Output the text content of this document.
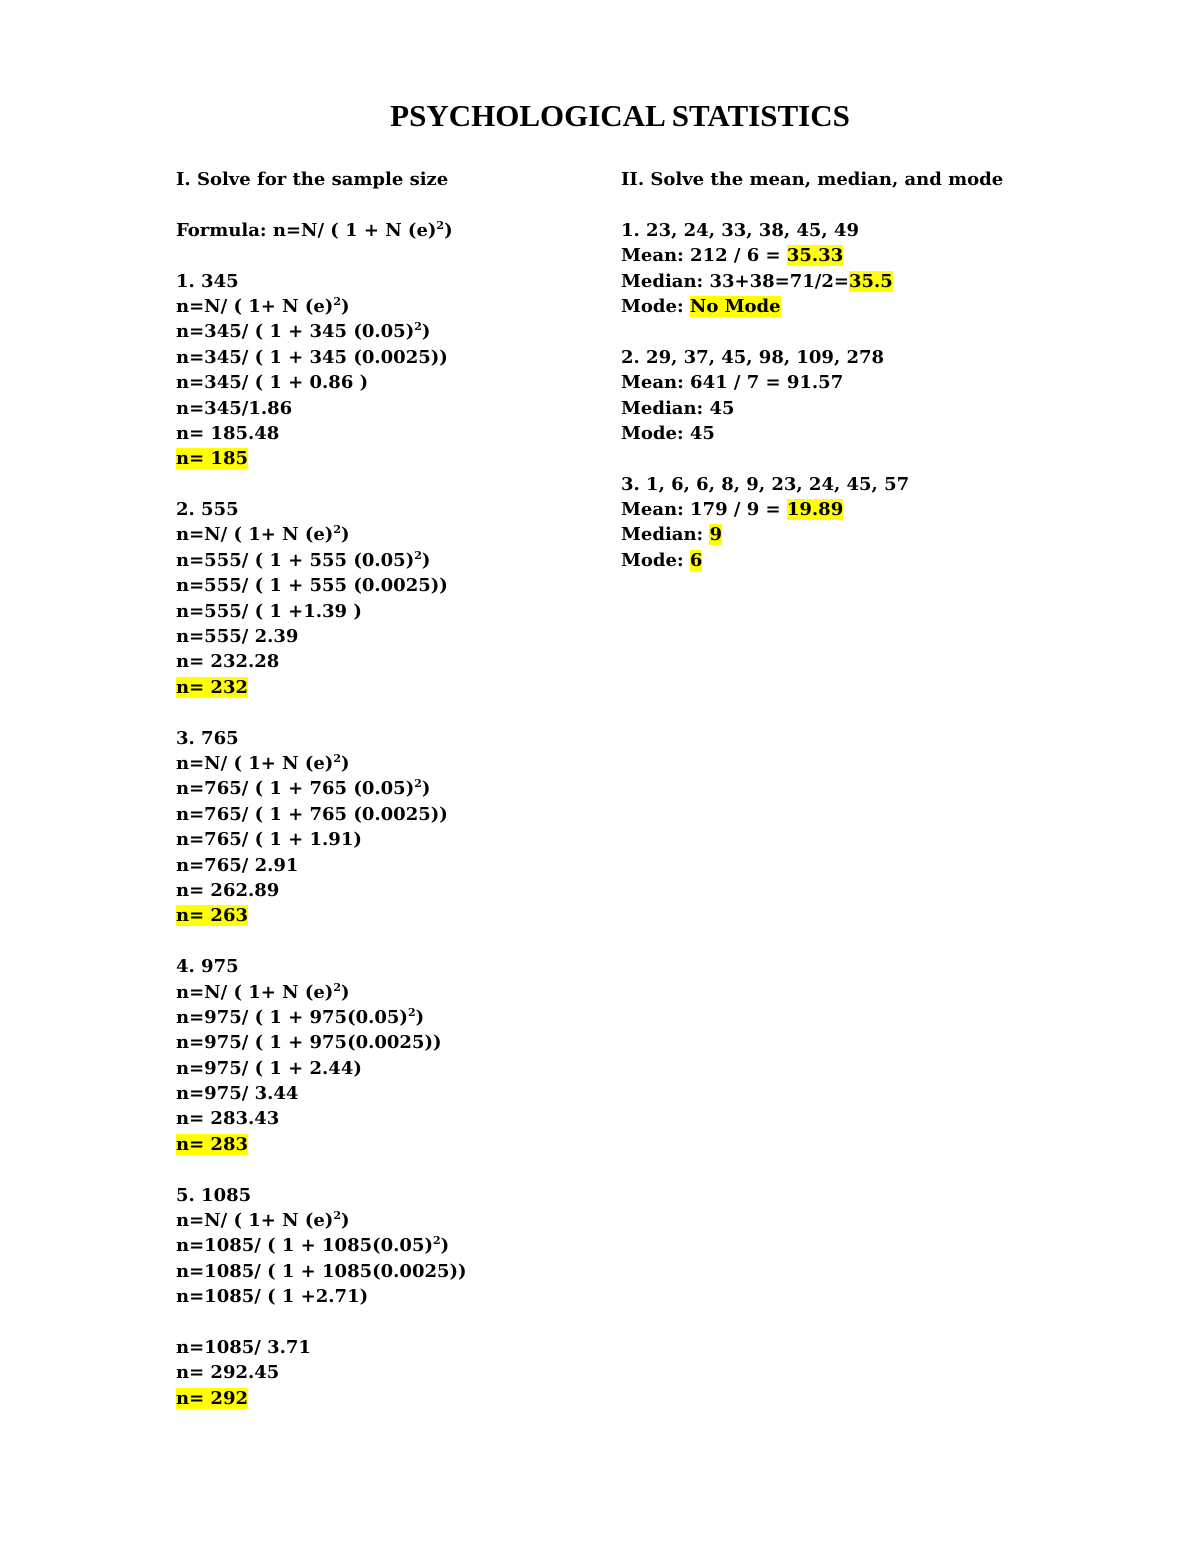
PSYCHOLOGICAL STATISTICS
I. Solve for the sample size
Formula: n=N/ ( 1 + N $(e)^2$)
1. 345
n=N/ ( 1+ N $(e)^2$)
n=345/ ( 1 + 345 $(0.05)^2$)
n=345/ ( 1 + 345 (0.0025))
n=345/ ( 1 + 0.86 )
n=345/1.86
n= 185.48
n= 185
2. 555
n=N/ ( 1+ N $(e)^2$)
n=555/ ( 1 + 555 $(0.05)^2$)
n=555/ ( 1 + 555 (0.0025))
n=555/ ( 1 +1.39 )
n=555/ 2.39
n= 232.28
n= 232
3. 765
n=N/ ( 1+ N $(e)^2$)
n=765/ ( 1 + 765 $(0.05)^2$)
n=765/ ( 1 + 765 (0.0025))
n=765/ ( 1 + 1.91)
n=765/ 2.91
n= 262.89
n= 263
4. 975
n=N/ ( 1+ N $(e)^2$)
n=975/ ( $1 + 975(0.05)^2$)
n=975/ ( 1 + 975(0.0025))
n=975/ ( 1 + 2.44)
n=975/ 3.44
n= 283.43
n= 283
5. 1085
n=N/ ( 1+ N $(e)^2$)
n=1085/ ( $1 + 1085(0.05)^2$)
n=1085/ ( 1 + 1085(0.0025))
n=1085/ ( 1 +2.71)
n=1085/ 3.71
n= 292.45
n= 292
II. Solve the mean, median, and mode
1. 23, 24, 33, 38, 45, 49
Mean: 212 / 6 = 35.33
Median: 33+38=71/2=35.5
Mode: No Mode
2. 29, 37, 45, 98, 109, 278
Mean: 641 / 7 = 91.57
Median: 45
Mode: 45
3. 1, 6, 6, 8, 9, 23, 24, 45, 57
Mean: 179 / 9 = 19.89
Median: 9
Mode: 6
